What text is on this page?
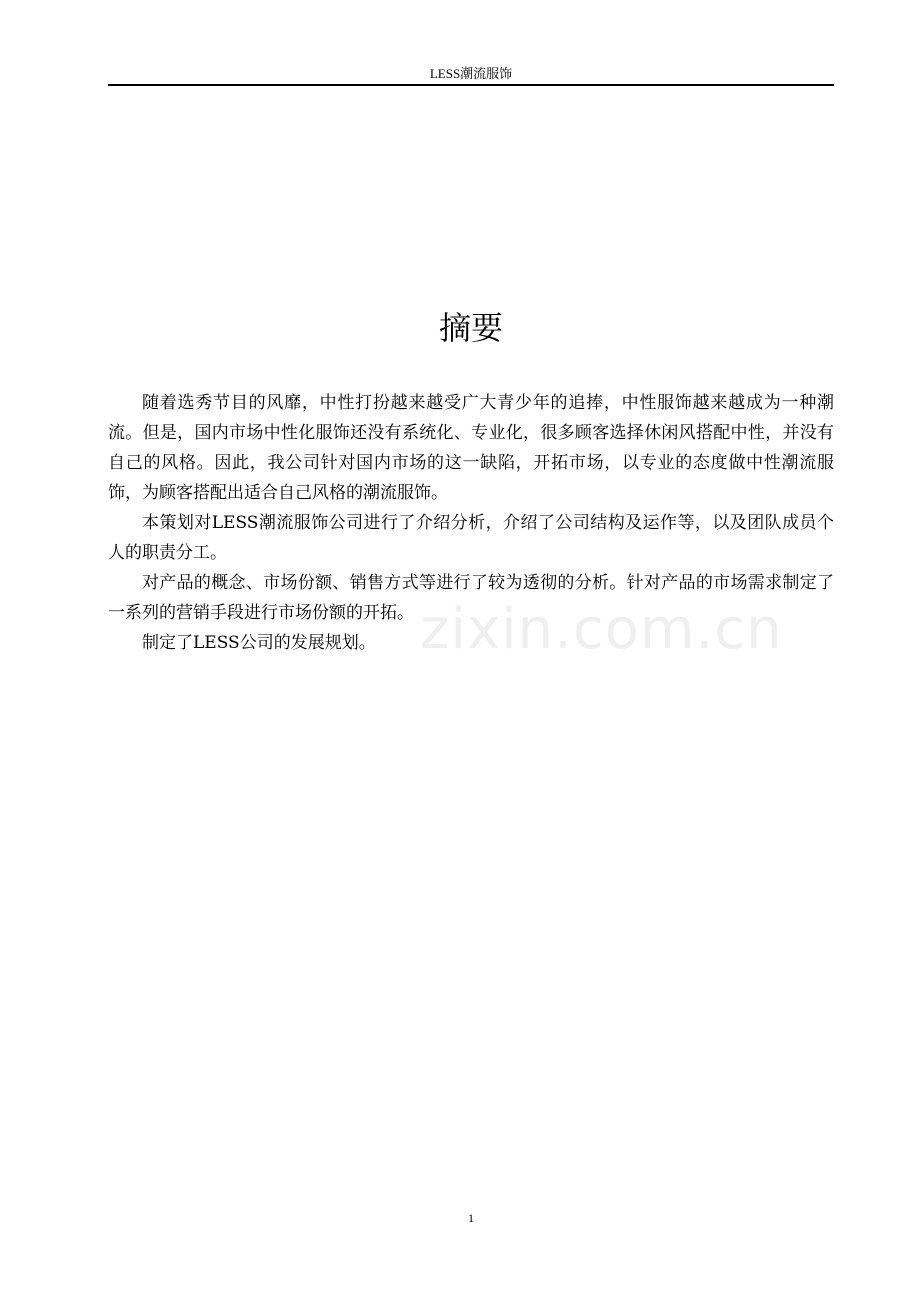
LESS潮流服饰
摘要

随着选秀节目的风靡，中性打扮越来越受广大青少年的追捧，中性服饰越来越成为一种潮流。但是，国内市场中性化服饰还没有系统化、专业化，很多顾客选择休闲风搭配中性，并没有自己的风格。因此，我公司针对国内市场的这一缺陷，开拓市场，以专业的态度做中性潮流服饰，为顾客搭配出适合自己风格的潮流服饰。

本策划对LESS潮流服饰公司进行了介绍分析，介绍了公司结构及运作等，以及团队成员个人的职责分工。

对产品的概念、市场份额、销售方式等进行了较为透彻的分析。针对产品的市场需求制定了一系列的营销手段进行市场份额的开拓。

制定了LESS公司的发展规划。 zixin.com.cn
1
